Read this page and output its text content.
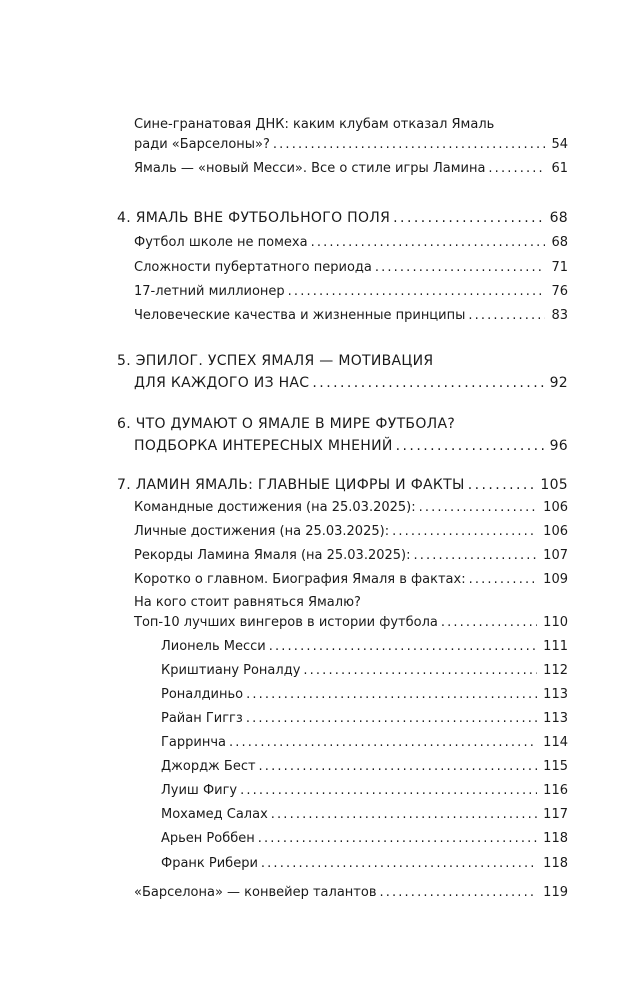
Сине-гранатовая ДНК: каким клубам отказал Ямаль
ради «Барселоны»? . . .	54
Ямаль — «новый Месси». Все о стиле игры Ламина . . .	61
4. ЯМАЛЬ ВНЕ ФУТБОЛЬНОГО ПОЛЯ . . .	68
Футбол школе не помеха . . .	68
Сложности пубертатного периода . . .	71
17-летний миллионер . . .	76
Человеческие качества и жизненные принципы . . .	83
5. ЭПИЛОГ. УСПЕХ ЯМАЛЯ — МОТИВАЦИЯ
ДЛЯ КАЖДОГО ИЗ НАС . . .	92
6. ЧТО ДУМАЮТ О ЯМАЛЕ В МИРЕ ФУТБОЛА?
ПОДБОРКА ИНТЕРЕСНЫХ МНЕНИЙ . . .	96
7. ЛАМИН ЯМАЛЬ: ГЛАВНЫЕ ЦИФРЫ И ФАКТЫ . . .	105
Командные достижения (на 25.03.2025): . . .	106
Личные достижения (на 25.03.2025): . . .	106
Рекорды Ламина Ямаля (на 25.03.2025): . . .	107
Коротко о главном. Биография Ямаля в фактах: . . .	109
На кого стоит равняться Ямалю?
Топ-10 лучших вингеров в истории футбола . . .	110
Лионель Месси . . .	111
Криштиану Роналду . . .	112
Роналдиньо . . .	113
Райан Гиггз . . .	113
Гарринча . . .	114
Джордж Бест . . .	115
Луиш Фигу . . .	116
Мохамед Салах . . .	117
Арьен Роббен . . .	118
Франк Рибери . . .	118
«Барселона» — конвейер талантов . . .	119
